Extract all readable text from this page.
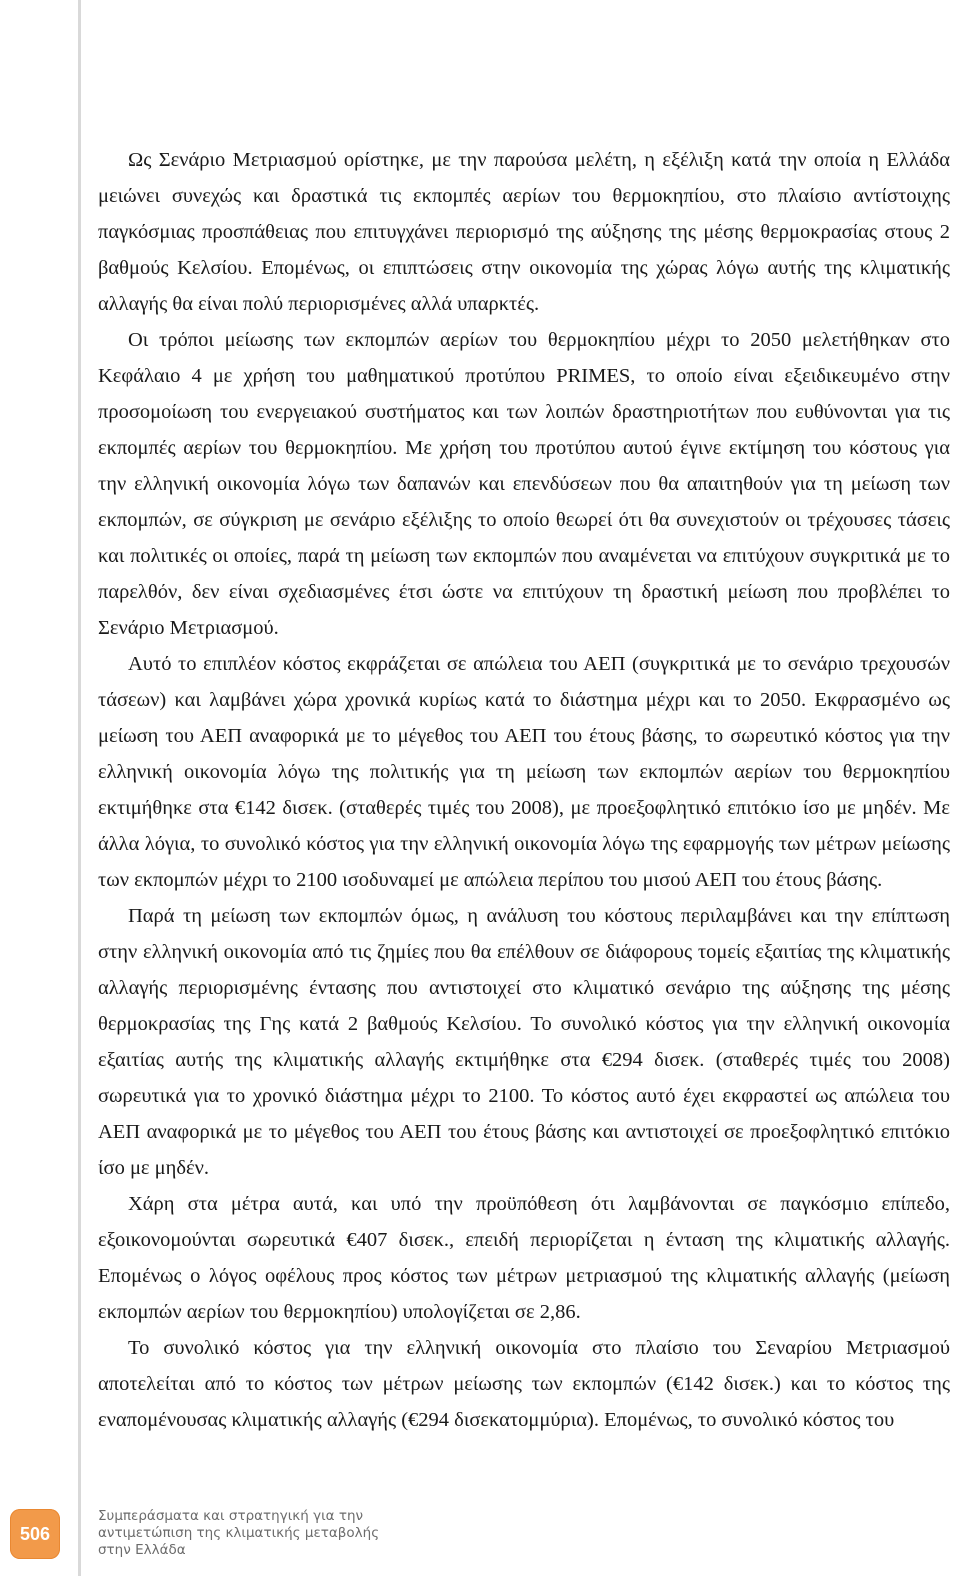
Ως Σενάριο Μετριασμού ορίστηκε, με την παρούσα μελέτη, η εξέλιξη κατά την οποία η Ελλάδα μειώνει συνεχώς και δραστικά τις εκπομπές αερίων του θερμοκηπίου, στο πλαίσιο αντίστοιχης παγκόσμιας προσπάθειας που επιτυγχάνει περιορισμό της αύξησης της μέσης θερμοκρασίας στους 2 βαθμούς Κελσίου. Επομένως, οι επιπτώσεις στην οικονομία της χώρας λόγω αυτής της κλιματικής αλλαγής θα είναι πολύ περιορισμένες αλλά υπαρκτές.

Οι τρόποι μείωσης των εκπομπών αερίων του θερμοκηπίου μέχρι το 2050 μελετήθηκαν στο Κεφάλαιο 4 με χρήση του μαθηματικού προτύπου PRIMES, το οποίο είναι εξειδικευμένο στην προσομοίωση του ενεργειακού συστήματος και των λοιπών δραστηριοτήτων που ευθύνονται για τις εκπομπές αερίων του θερμοκηπίου. Με χρήση του προτύπου αυτού έγινε εκτίμηση του κόστους για την ελληνική οικονομία λόγω των δαπανών και επενδύσεων που θα απαιτηθούν για τη μείωση των εκπομπών, σε σύγκριση με σενάριο εξέλιξης το οποίο θεωρεί ότι θα συνεχιστούν οι τρέχουσες τάσεις και πολιτικές οι οποίες, παρά τη μείωση των εκπομπών που αναμένεται να επιτύχουν συγκριτικά με το παρελθόν, δεν είναι σχεδιασμένες έτσι ώστε να επιτύχουν τη δραστική μείωση που προβλέπει το Σενάριο Μετριασμού.

Αυτό το επιπλέον κόστος εκφράζεται σε απώλεια του ΑΕΠ (συγκριτικά με το σενάριο τρεχουσών τάσεων) και λαμβάνει χώρα χρονικά κυρίως κατά το διάστημα μέχρι και το 2050. Εκφρασμένο ως μείωση του ΑΕΠ αναφορικά με το μέγεθος του ΑΕΠ του έτους βάσης, το σωρευτικό κόστος για την ελληνική οικονομία λόγω της πολιτικής για τη μείωση των εκπομπών αερίων του θερμοκηπίου εκτιμήθηκε στα €142 δισεκ. (σταθερές τιμές του 2008), με προεξοφλητικό επιτόκιο ίσο με μηδέν. Με άλλα λόγια, το συνολικό κόστος για την ελληνική οικονομία λόγω της εφαρμογής των μέτρων μείωσης των εκπομπών μέχρι το 2100 ισοδυναμεί με απώλεια περίπου του μισού ΑΕΠ του έτους βάσης.

Παρά τη μείωση των εκπομπών όμως, η ανάλυση του κόστους περιλαμβάνει και την επίπτωση στην ελληνική οικονομία από τις ζημίες που θα επέλθουν σε διάφορους τομείς εξαιτίας της κλιματικής αλλαγής περιορισμένης έντασης που αντιστοιχεί στο κλιματικό σενάριο της αύξησης της μέσης θερμοκρασίας της Γης κατά 2 βαθμούς Κελσίου. Το συνολικό κόστος για την ελληνική οικονομία εξαιτίας αυτής της κλιματικής αλλαγής εκτιμήθηκε στα €294 δισεκ. (σταθερές τιμές του 2008) σωρευτικά για το χρονικό διάστημα μέχρι το 2100. Το κόστος αυτό έχει εκφραστεί ως απώλεια του ΑΕΠ αναφορικά με το μέγεθος του ΑΕΠ του έτους βάσης και αντιστοιχεί σε προεξοφλητικό επιτόκιο ίσο με μηδέν.

Χάρη στα μέτρα αυτά, και υπό την προϋπόθεση ότι λαμβάνονται σε παγκόσμιο επίπεδο, εξοικονομούνται σωρευτικά €407 δισεκ., επειδή περιορίζεται η ένταση της κλιματικής αλλαγής. Επομένως ο λόγος οφέλους προς κόστος των μέτρων μετριασμού της κλιματικής αλλαγής (μείωση εκπομπών αερίων του θερμοκηπίου) υπολογίζεται σε 2,86.

Το συνολικό κόστος για την ελληνική οικονομία στο πλαίσιο του Σεναρίου Μετριασμού αποτελείται από το κόστος των μέτρων μείωσης των εκπομπών (€142 δισεκ.) και το κόστος της εναπομένουσας κλιματικής αλλαγής (€294 δισεκατομμύρια). Επομένως, το συνολικό κόστος του

506
Συμπεράσματα και στρατηγική για την
αντιμετώπιση της κλιματικής μεταβολής
στην Ελλάδα
